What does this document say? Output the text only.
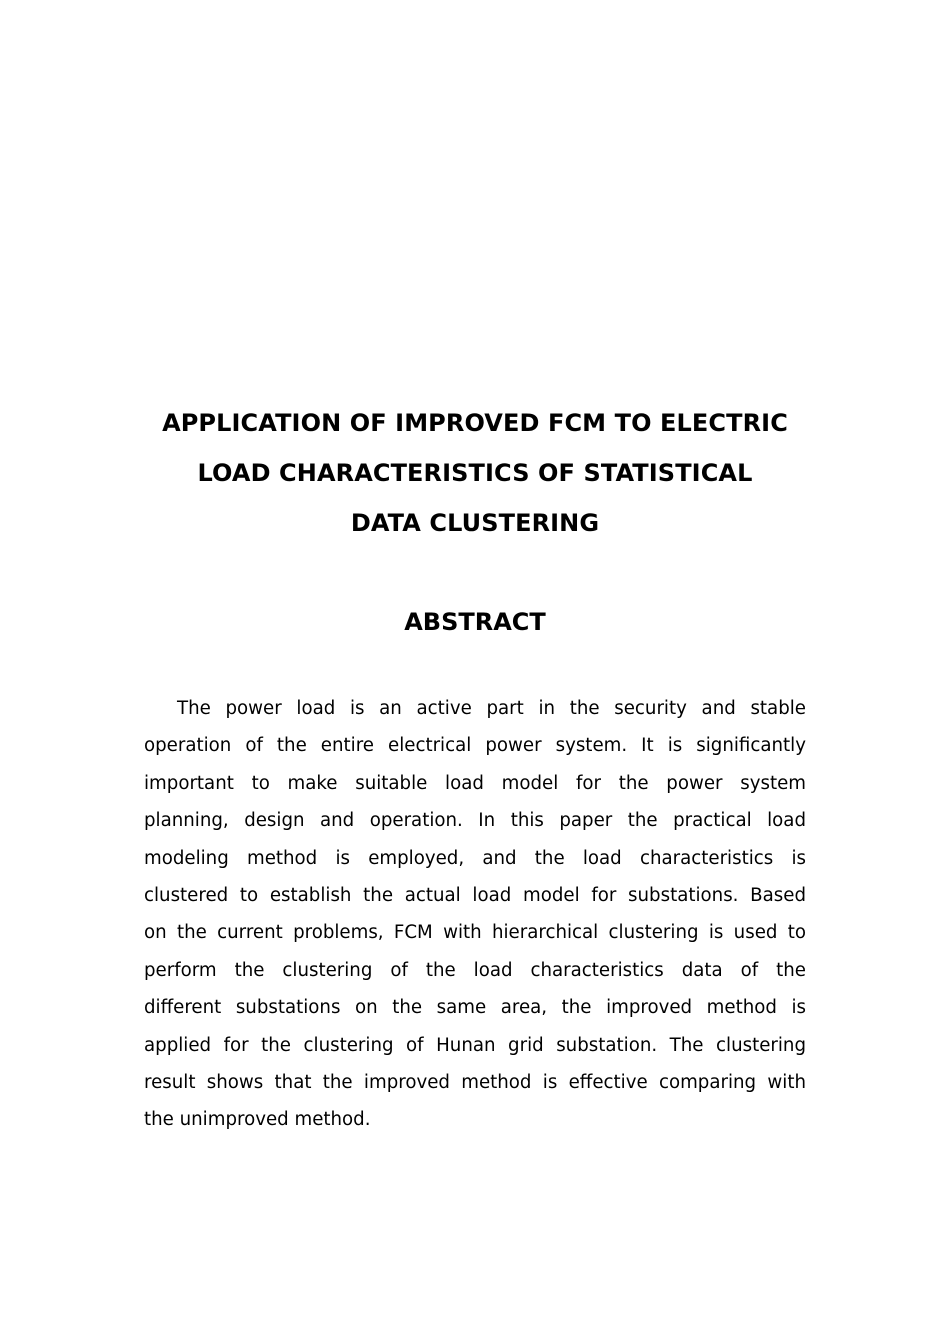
APPLICATION OF IMPROVED FCM TO ELECTRIC
LOAD CHARACTERISTICS OF STATISTICAL
DATA CLUSTERING
ABSTRACT
The power load is an active part in the security and stable
operation of the entire electrical power system. It is significantly
important to make suitable load model for the power system
planning, design and operation. In this paper the practical load
modeling method is employed, and the load characteristics is
clustered to establish the actual load model for substations. Based
on the current problems, FCM with hierarchical clustering is used to
perform the clustering of the load characteristics data of the
different substations on the same area, the improved method is
applied for the clustering of Hunan grid substation. The clustering
result shows that the improved method is effective comparing with
the unimproved method.
